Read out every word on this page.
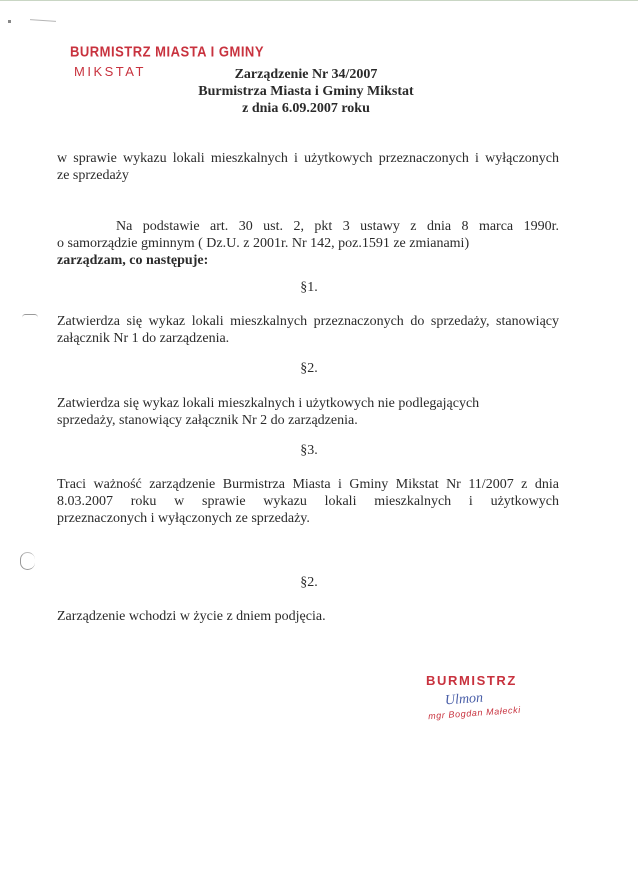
BURMISTRZ MIASTA I GMINY
MIKSTAT	Zarządzenie Nr 34/2007
Burmistrza Miasta i Gminy Mikstat
z dnia 6.09.2007 roku
w sprawie wykazu lokali mieszkalnych i użytkowych przeznaczonych i wyłączonych
ze sprzedaży
Na podstawie art. 30 ust. 2, pkt 3 ustawy z dnia 8 marca 1990r.
o samorządzie gminnym ( Dz.U. z 2001r. Nr 142, poz.1591 ze zmianami)
zarządzam, co następuje:
§1.
Zatwierdza się wykaz lokali mieszkalnych przeznaczonych do sprzedaży, stanowiący
załącznik Nr 1 do zarządzenia.
§2.
Zatwierdza się wykaz lokali mieszkalnych i użytkowych nie podlegających
sprzedaży, stanowiący załącznik Nr 2 do zarządzenia.
§3.
Traci ważność zarządzenie Burmistrza Miasta i Gminy Mikstat Nr 11/2007 z dnia
8.03.2007 roku w sprawie wykazu lokali mieszkalnych i użytkowych
przeznaczonych i wyłączonych ze sprzedaży.
§2.
Zarządzenie wchodzi w życie z dniem podjęcia.
BURMISTRZ
Ulmon
mgr Bogdan Małecki
